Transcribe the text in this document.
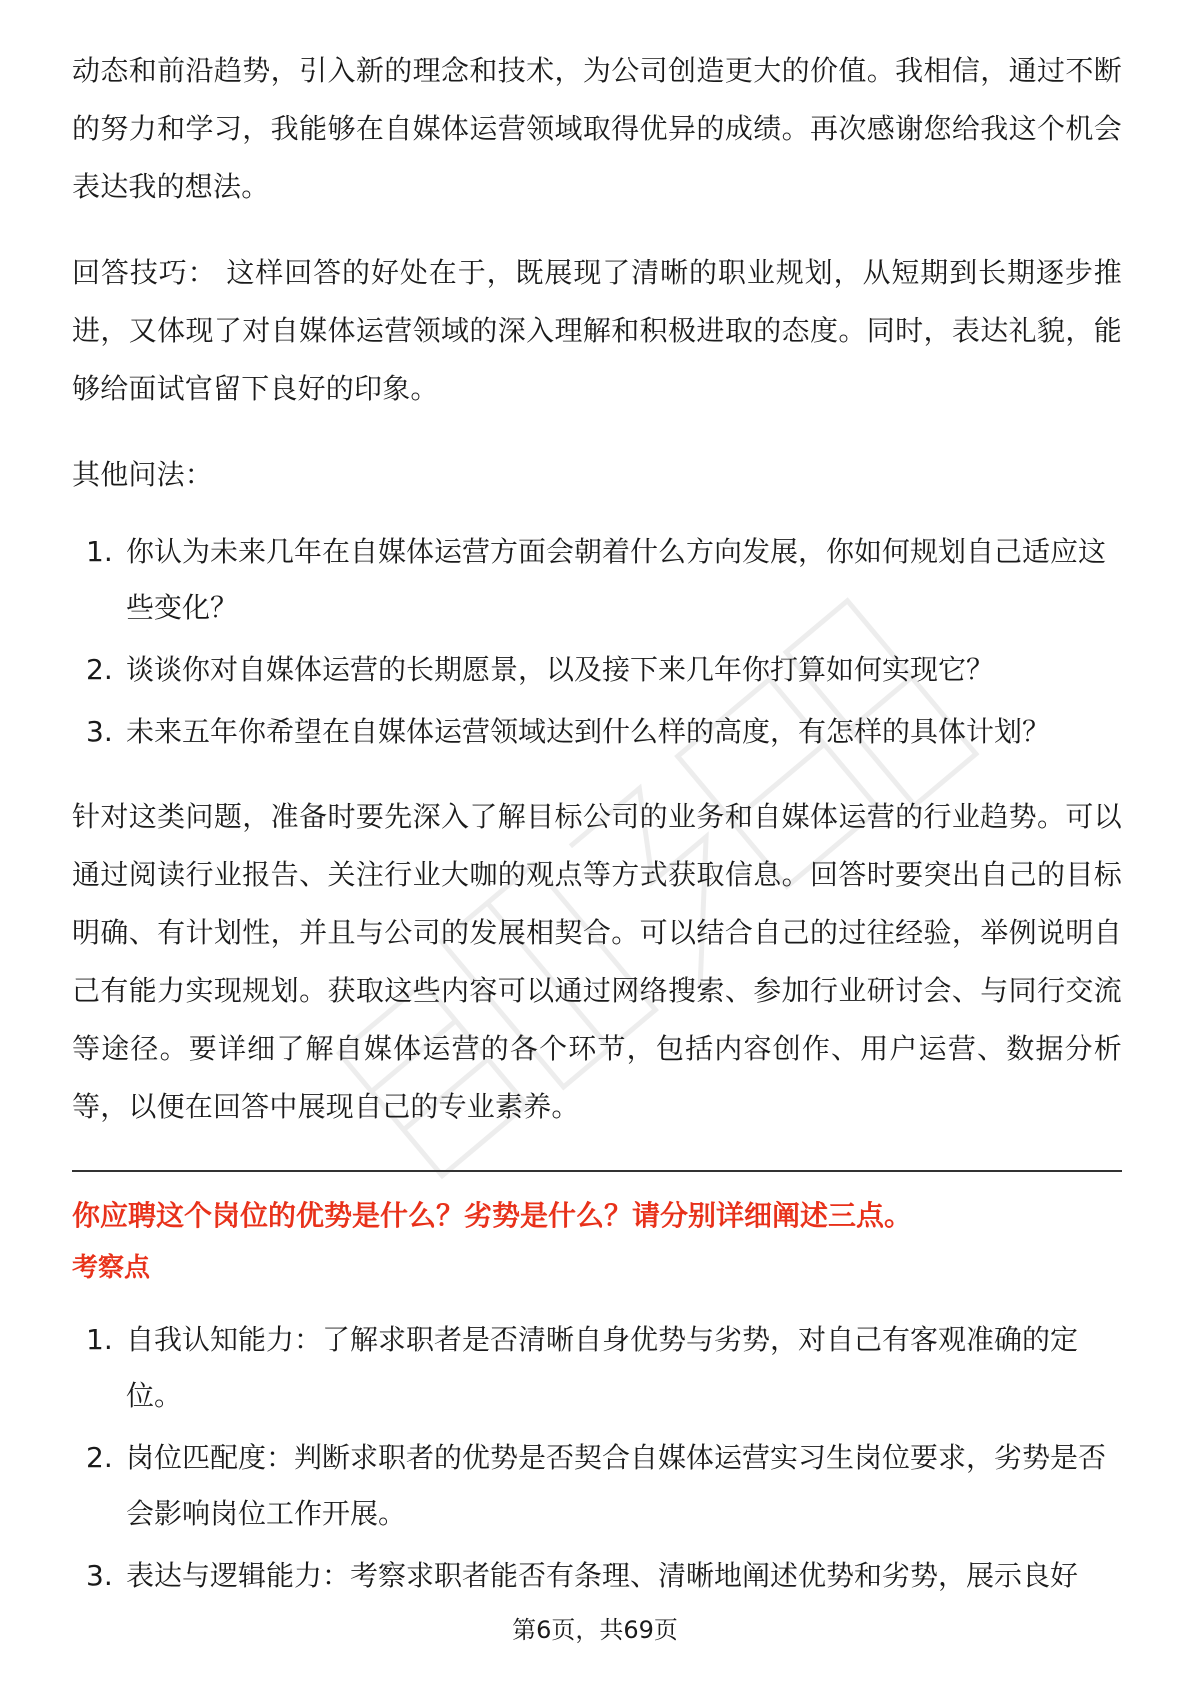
动态和前沿趋势，引入新的理念和技术，为公司创造更大的价值。我相信，通过不断的努力和学习，我能够在自媒体运营领域取得优异的成绩。再次感谢您给我这个机会表达我的想法。

回答技巧： 这样回答的好处在于，既展现了清晰的职业规划，从短期到长期逐步推进，又体现了对自媒体运营领域的深入理解和积极进取的态度。同时，表达礼貌，能够给面试官留下良好的印象。

其他问法：

1. 你认为未来几年在自媒体运营方面会朝着什么方向发展，你如何规划自己适应这些变化？
2. 谈谈你对自媒体运营的长期愿景，以及接下来几年你打算如何实现它？
3. 未来五年你希望在自媒体运营领域达到什么样的高度，有怎样的具体计划？

针对这类问题，准备时要先深入了解目标公司的业务和自媒体运营的行业趋势。可以通过阅读行业报告、关注行业大咖的观点等方式获取信息。回答时要突出自己的目标明确、有计划性，并且与公司的发展相契合。可以结合自己的过往经验，举例说明自己有能力实现规划。获取这些内容可以通过网络搜索、参加行业研讨会、与同行交流等途径。要详细了解自媒体运营的各个环节，包括内容创作、用户运营、数据分析等，以便在回答中展现自己的专业素养。

你应聘这个岗位的优势是什么？劣势是什么？请分别详细阐述三点。

考察点

1. 自我认知能力：了解求职者是否清晰自身优势与劣势，对自己有客观准确的定位。
2. 岗位匹配度：判断求职者的优势是否契合自媒体运营实习生岗位要求，劣势是否会影响岗位工作开展。
3. 表达与逻辑能力：考察求职者能否有条理、清晰地阐述优势和劣势，展示良好
第6页，共69页
